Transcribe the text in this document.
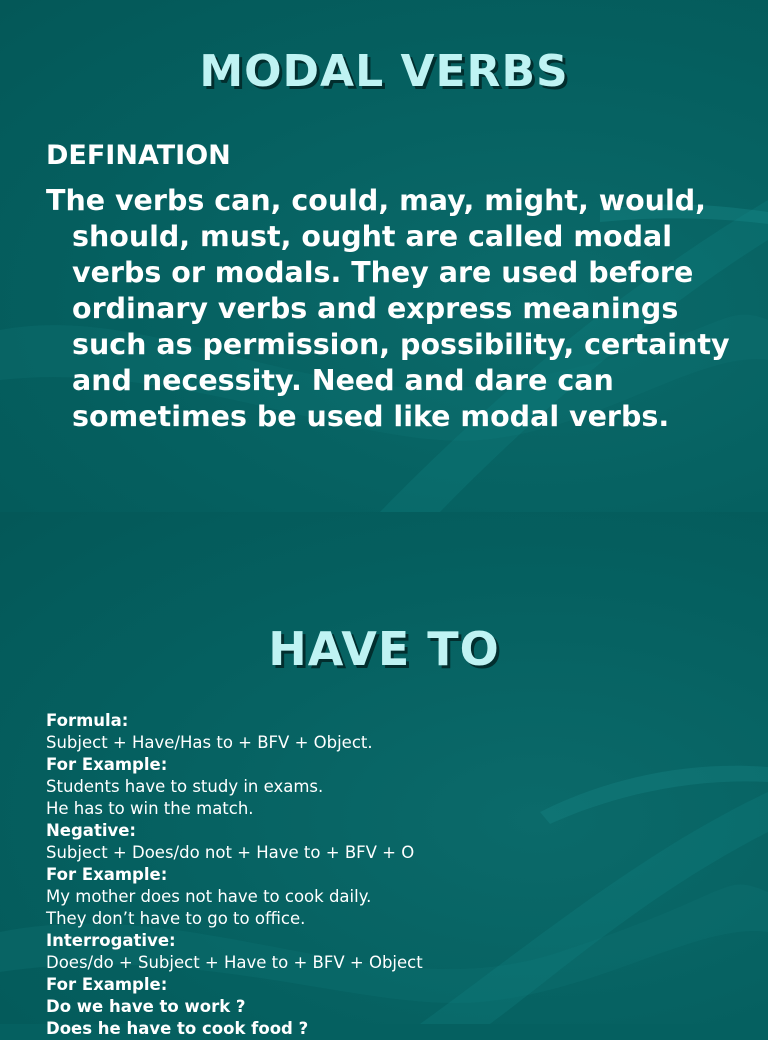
MODAL VERBS
DEFINATION

The verbs can, could, may, might, would, should, must, ought are called modal verbs or modals. They are used before ordinary verbs and express meanings such as permission, possibility, certainty and necessity. Need and dare can sometimes be used like modal verbs.

HAVE TO
Formula:
Subject + Have/Has to + BFV + Object.
For Example:
Students have to study in exams.
He has to win the match.
Negative:
Subject + Does/do not + Have to + BFV + O
For Example:
My mother does not have to cook daily.
They don’t have to go to office.
Interrogative:
Does/do + Subject + Have to + BFV + Object
For Example:
Do we have to work ?
Does he have to cook food ?
